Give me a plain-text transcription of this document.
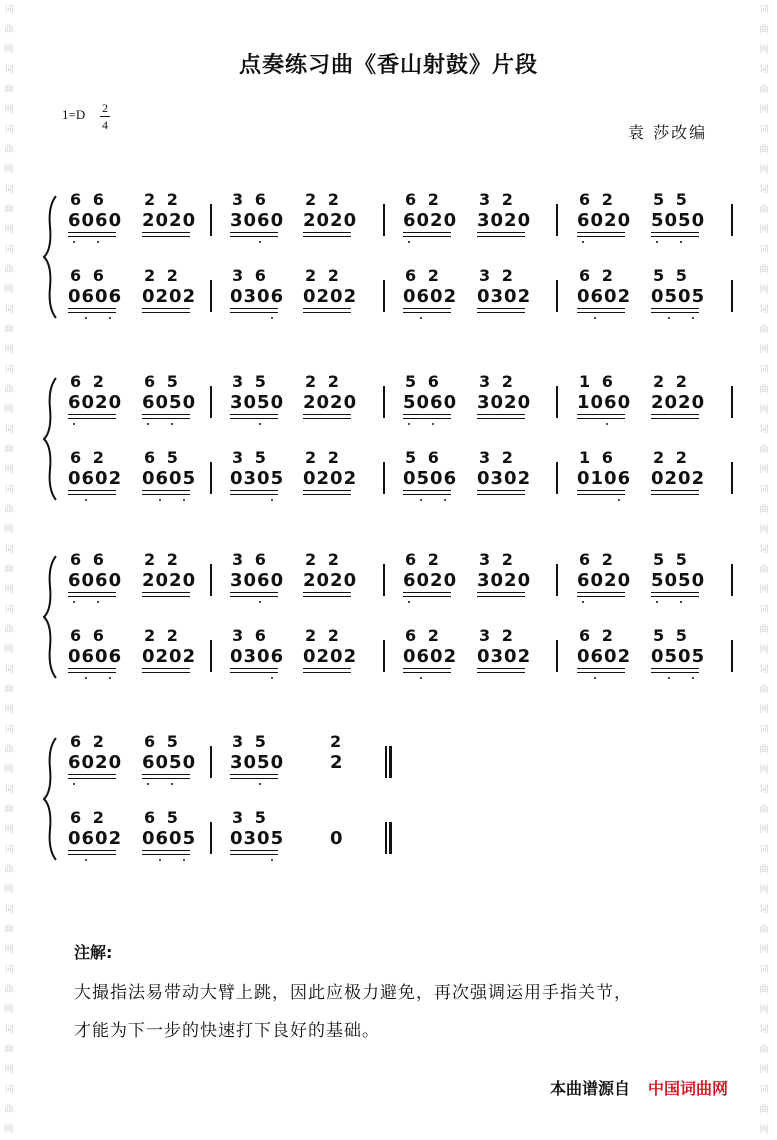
词
曲
网
词
曲
网
词
曲
网
词
曲
网
词
曲
网
词
曲
网
词
曲
网
词
曲
网
词
曲
网
词
曲
网
词
曲
网
词
曲
网
词
曲
网
词
曲
网
词
曲
网
词
曲
网
词
曲
网
词
曲
网
词
曲
网
词
曲
网
词
曲
网
词
曲
网
词
曲
网
词
曲
网
词
曲
网
词
曲
网
词
曲
网
词
曲
网
词
曲
网
词
曲
网
词
曲
网
词
曲
网
词
曲
网
词
曲
网
词
曲
网
词
曲
网
词
曲
网
词
曲
网
点奏练习曲《香山射鼓》片段
$1=D \frac{2}{4}$	袁 莎改编
6 6
6060
2 2
2020
3 6
3060
2 2
2020
6 2
6020
3 2
3020
6 2
6020
5 5
5050
6 6
0606
2 2
0202
3 6
0306
2 2
0202
6 2
0602
3 2
0302
6 2
0602
5 5
0505
6 2
6020
6 5
6050
3 5
3050
2 2
2020
5 6
5060
3 2
3020
1 6
1060
2 2
2020
6 2
0602
6 5
0605
3 5
0305
2 2
0202
5 6
0506
3 2
0302
1 6
0106
2 2
0202
6 6
6060
2 2
2020
3 6
3060
2 2
2020
6 2
6020
3 2
3020
6 2
6020
5 5
5050
6 6
0606
2 2
0202
3 6
0306
2 2
0202
6 2
0602
3 2
0302
6 2
0602
5 5
0505
6 2
6020
6 5
6050
3 5
3050
2
2
6 2
0602
6 5
0605
3 5
0305	0
注解:
大撮指法易带动大臂上跳，因此应极力避免，再次强调运用手指关节，
才能为下一步的快速打下良好的基础。
本曲谱源自 中国词曲网
